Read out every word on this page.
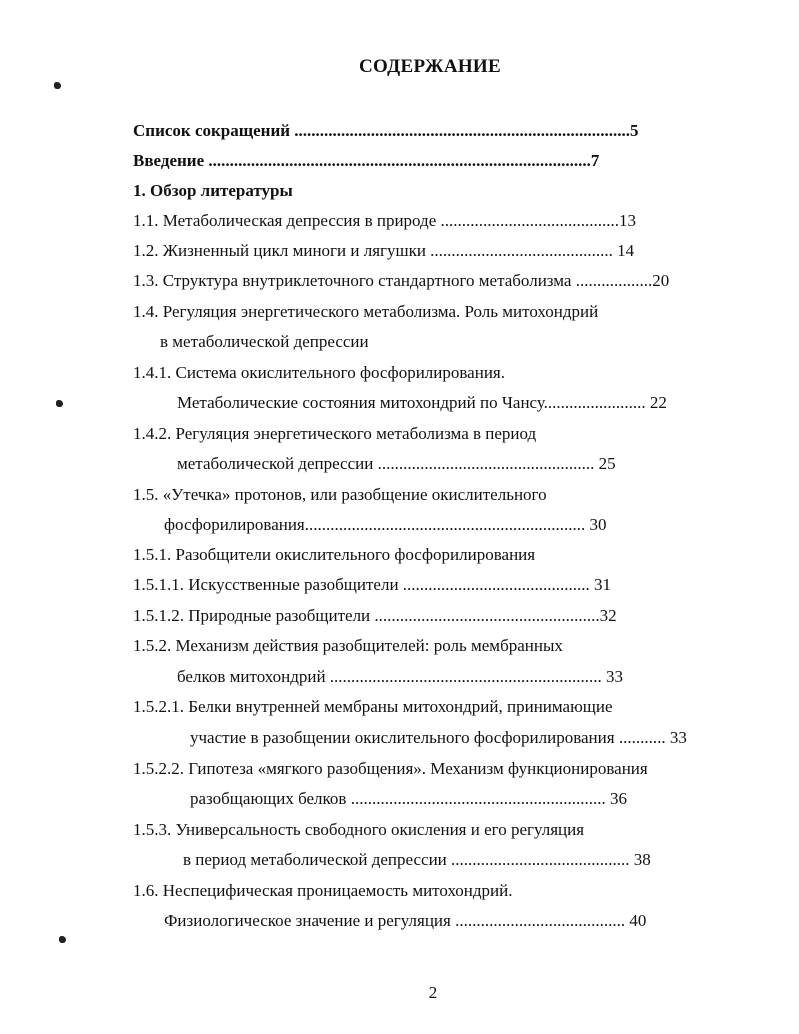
СОДЕРЖАНИЕ
Список сокращений ...............................................................................5
Введение ..........................................................................................7
1. Обзор литературы
1.1. Метаболическая депрессия в природе ..........................................13
1.2. Жизненный цикл миноги и лягушки ........................................... 14
1.3. Структура внутриклеточного стандартного метаболизма ..................20
1.4. Регуляция энергетического метаболизма. Роль митохондрий
в метаболической депрессии
1.4.1. Система окислительного фосфорилирования.
Метаболические состояния митохондрий по Чансу........................ 22
1.4.2. Регуляция энергетического метаболизма в период
метаболической депрессии ................................................... 25
1.5. «Утечка» протонов, или разобщение окислительного
фосфорилирования.................................................................. 30
1.5.1. Разобщители окислительного фосфорилирования
1.5.1.1. Искусственные разобщители ............................................ 31
1.5.1.2. Природные разобщители .....................................................32
1.5.2. Механизм действия разобщителей: роль мембранных
белков митохондрий ................................................................ 33
1.5.2.1. Белки внутренней мембраны митохондрий, принимающие
участие в разобщении окислительного фосфорилирования ........... 33
1.5.2.2. Гипотеза «мягкого разобщения». Механизм функционирования
разобщающих белков ............................................................ 36
1.5.3. Универсальность свободного окисления и его регуляция
в период метаболической депрессии .......................................... 38
1.6. Неспецифическая проницаемость митохондрий.
Физиологическое значение и регуляция ........................................ 40
2
